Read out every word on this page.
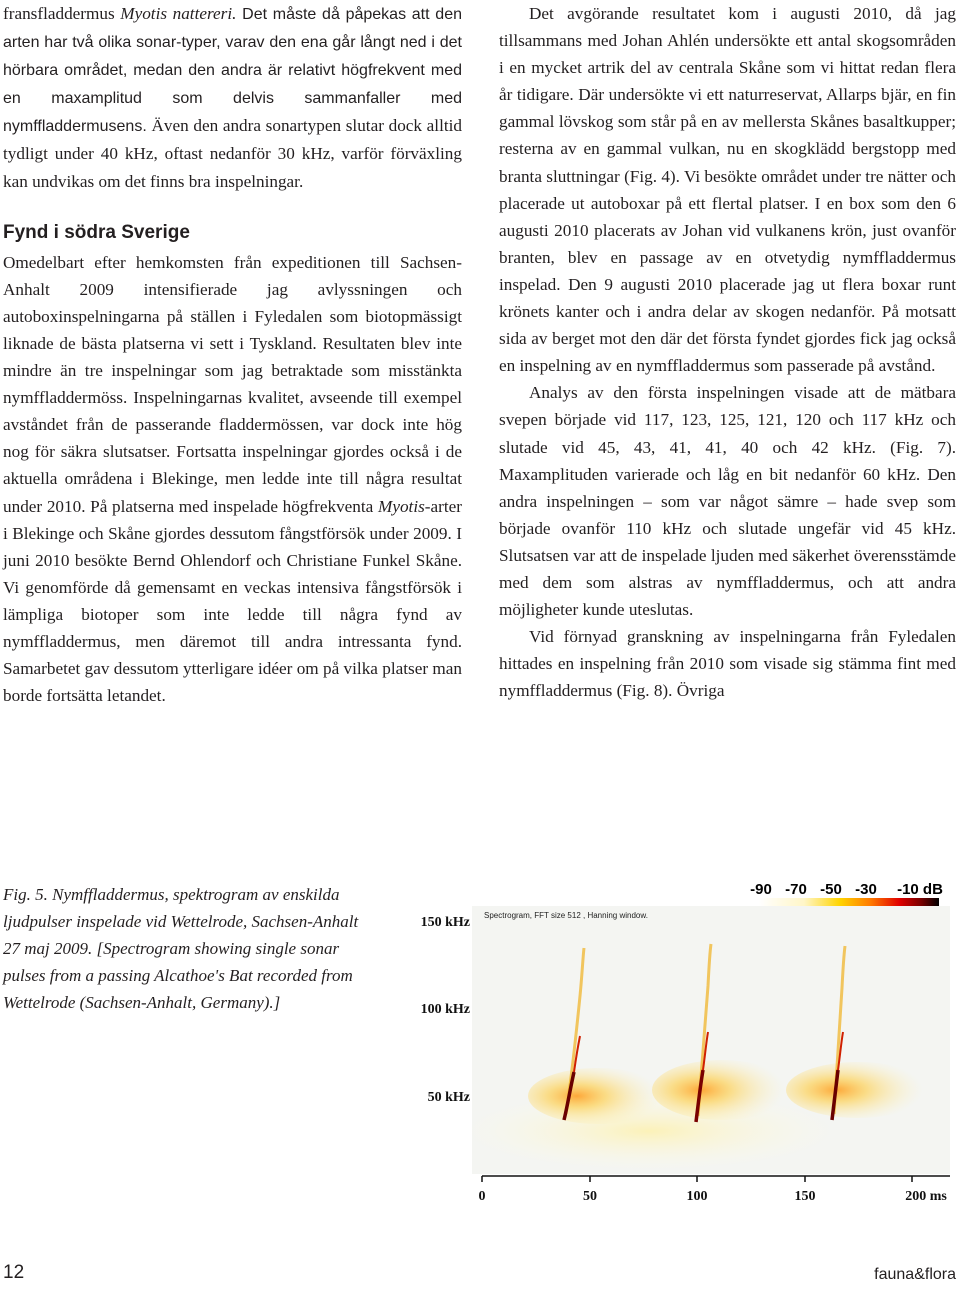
fransfladdermus Myotis nattereri. Det måste då påpekas att den arten har två olika sonar-typer, varav den ena går långt ned i det hörbara området, medan den andra är relativt högfrekvent med en maxamplitud som delvis sammanfaller med nymffladdermusens. Även den andra sonartypen slutar dock alltid tydligt under 40 kHz, oftast nedanför 30 kHz, varför förväxling kan undvikas om det finns bra inspelningar.

Fynd i södra Sverige

Omedelbart efter hemkomsten från expeditionen till Sachsen-Anhalt 2009 intensifierade jag avlyssningen och autoboxinspelningarna på ställen i Fyledalen som biotopmässigt liknade de bästa platserna vi sett i Tyskland. Resultaten blev inte mindre än tre inspelningar som jag betraktade som misstänkta nymffladdermöss. Inspelningarnas kvalitet, avseende till exempel avståndet från de passerande fladdermössen, var dock inte hög nog för säkra slutsatser. Fortsatta inspelningar gjordes också i de aktuella områdena i Blekinge, men ledde inte till några resultat under 2010. På platserna med inspelade högfrekventa Myotis-arter i Blekinge och Skåne gjordes dessutom fångstförsök under 2009. I juni 2010 besökte Bernd Ohlendorf och Christiane Funkel Skåne. Vi genomförde då gemensamt en veckas intensiva fångstförsök i lämpliga biotoper som inte ledde till några fynd av nymffladdermus, men däremot till andra intressanta fynd. Samarbetet gav dessutom ytterligare idéer om på vilka platser man borde fortsätta letandet.

Det avgörande resultatet kom i augusti 2010, då jag tillsammans med Johan Ahlén undersökte ett antal skogsområden i en mycket artrik del av centrala Skåne som vi hittat redan flera år tidigare. Där undersökte vi ett naturreservat, Allarps bjär, en fin gammal lövskog som står på en av mellersta Skånes basaltkupper; resterna av en gammal vulkan, nu en skogklädd bergstopp med branta sluttningar (Fig. 4). Vi besökte området under tre nätter och placerade ut autoboxar på ett flertal platser. I en box som den 6 augusti 2010 placerats av Johan vid vulkanens krön, just ovanför branten, blev en passage av en otvetydig nymffladdermus inspelad. Den 9 augusti 2010 placerade jag ut flera boxar runt krönets kanter och i andra delar av skogen nedanför. På motsatt sida av berget mot den där det första fyndet gjordes fick jag också en inspelning av en nymffladdermus som passerade på avstånd.

Analys av den första inspelningen visade att de mätbara svepen började vid 117, 123, 125, 121, 120 och 117 kHz och slutade vid 45, 43, 41, 41, 40 och 42 kHz. (Fig. 7). Maxamplituden varierade och låg en bit nedanför 60 kHz. Den andra inspelningen – som var något sämre – hade svep som började ovanför 110 kHz och slutade ungefär vid 45 kHz. Slutsatsen var att de inspelade ljuden med säkerhet överensstämde med dem som alstras av nymffladdermus, och att andra möjligheter kunde uteslutas.

Vid förnyad granskning av inspelningarna från Fyledalen hittades en inspelning från 2010 som visade sig stämma fint med nymffladdermus (Fig. 8). Övriga

Fig. 5. Nymffladdermus, spektrogram av enskilda ljudpulser inspelade vid Wettelrode, Sachsen-Anhalt 27 maj 2009. [Spectrogram showing single sonar pulses from a passing Alcathoe's Bat recorded from Wettelrode (Sachsen-Anhalt, Germany).]

-90 -70 -50 -30 -10 dB
Spectrogram, FFT size 512 , Hanning window.
150 kHz
100 kHz
50 kHz
0	50	100	150	200 ms
12	fauna&flora
